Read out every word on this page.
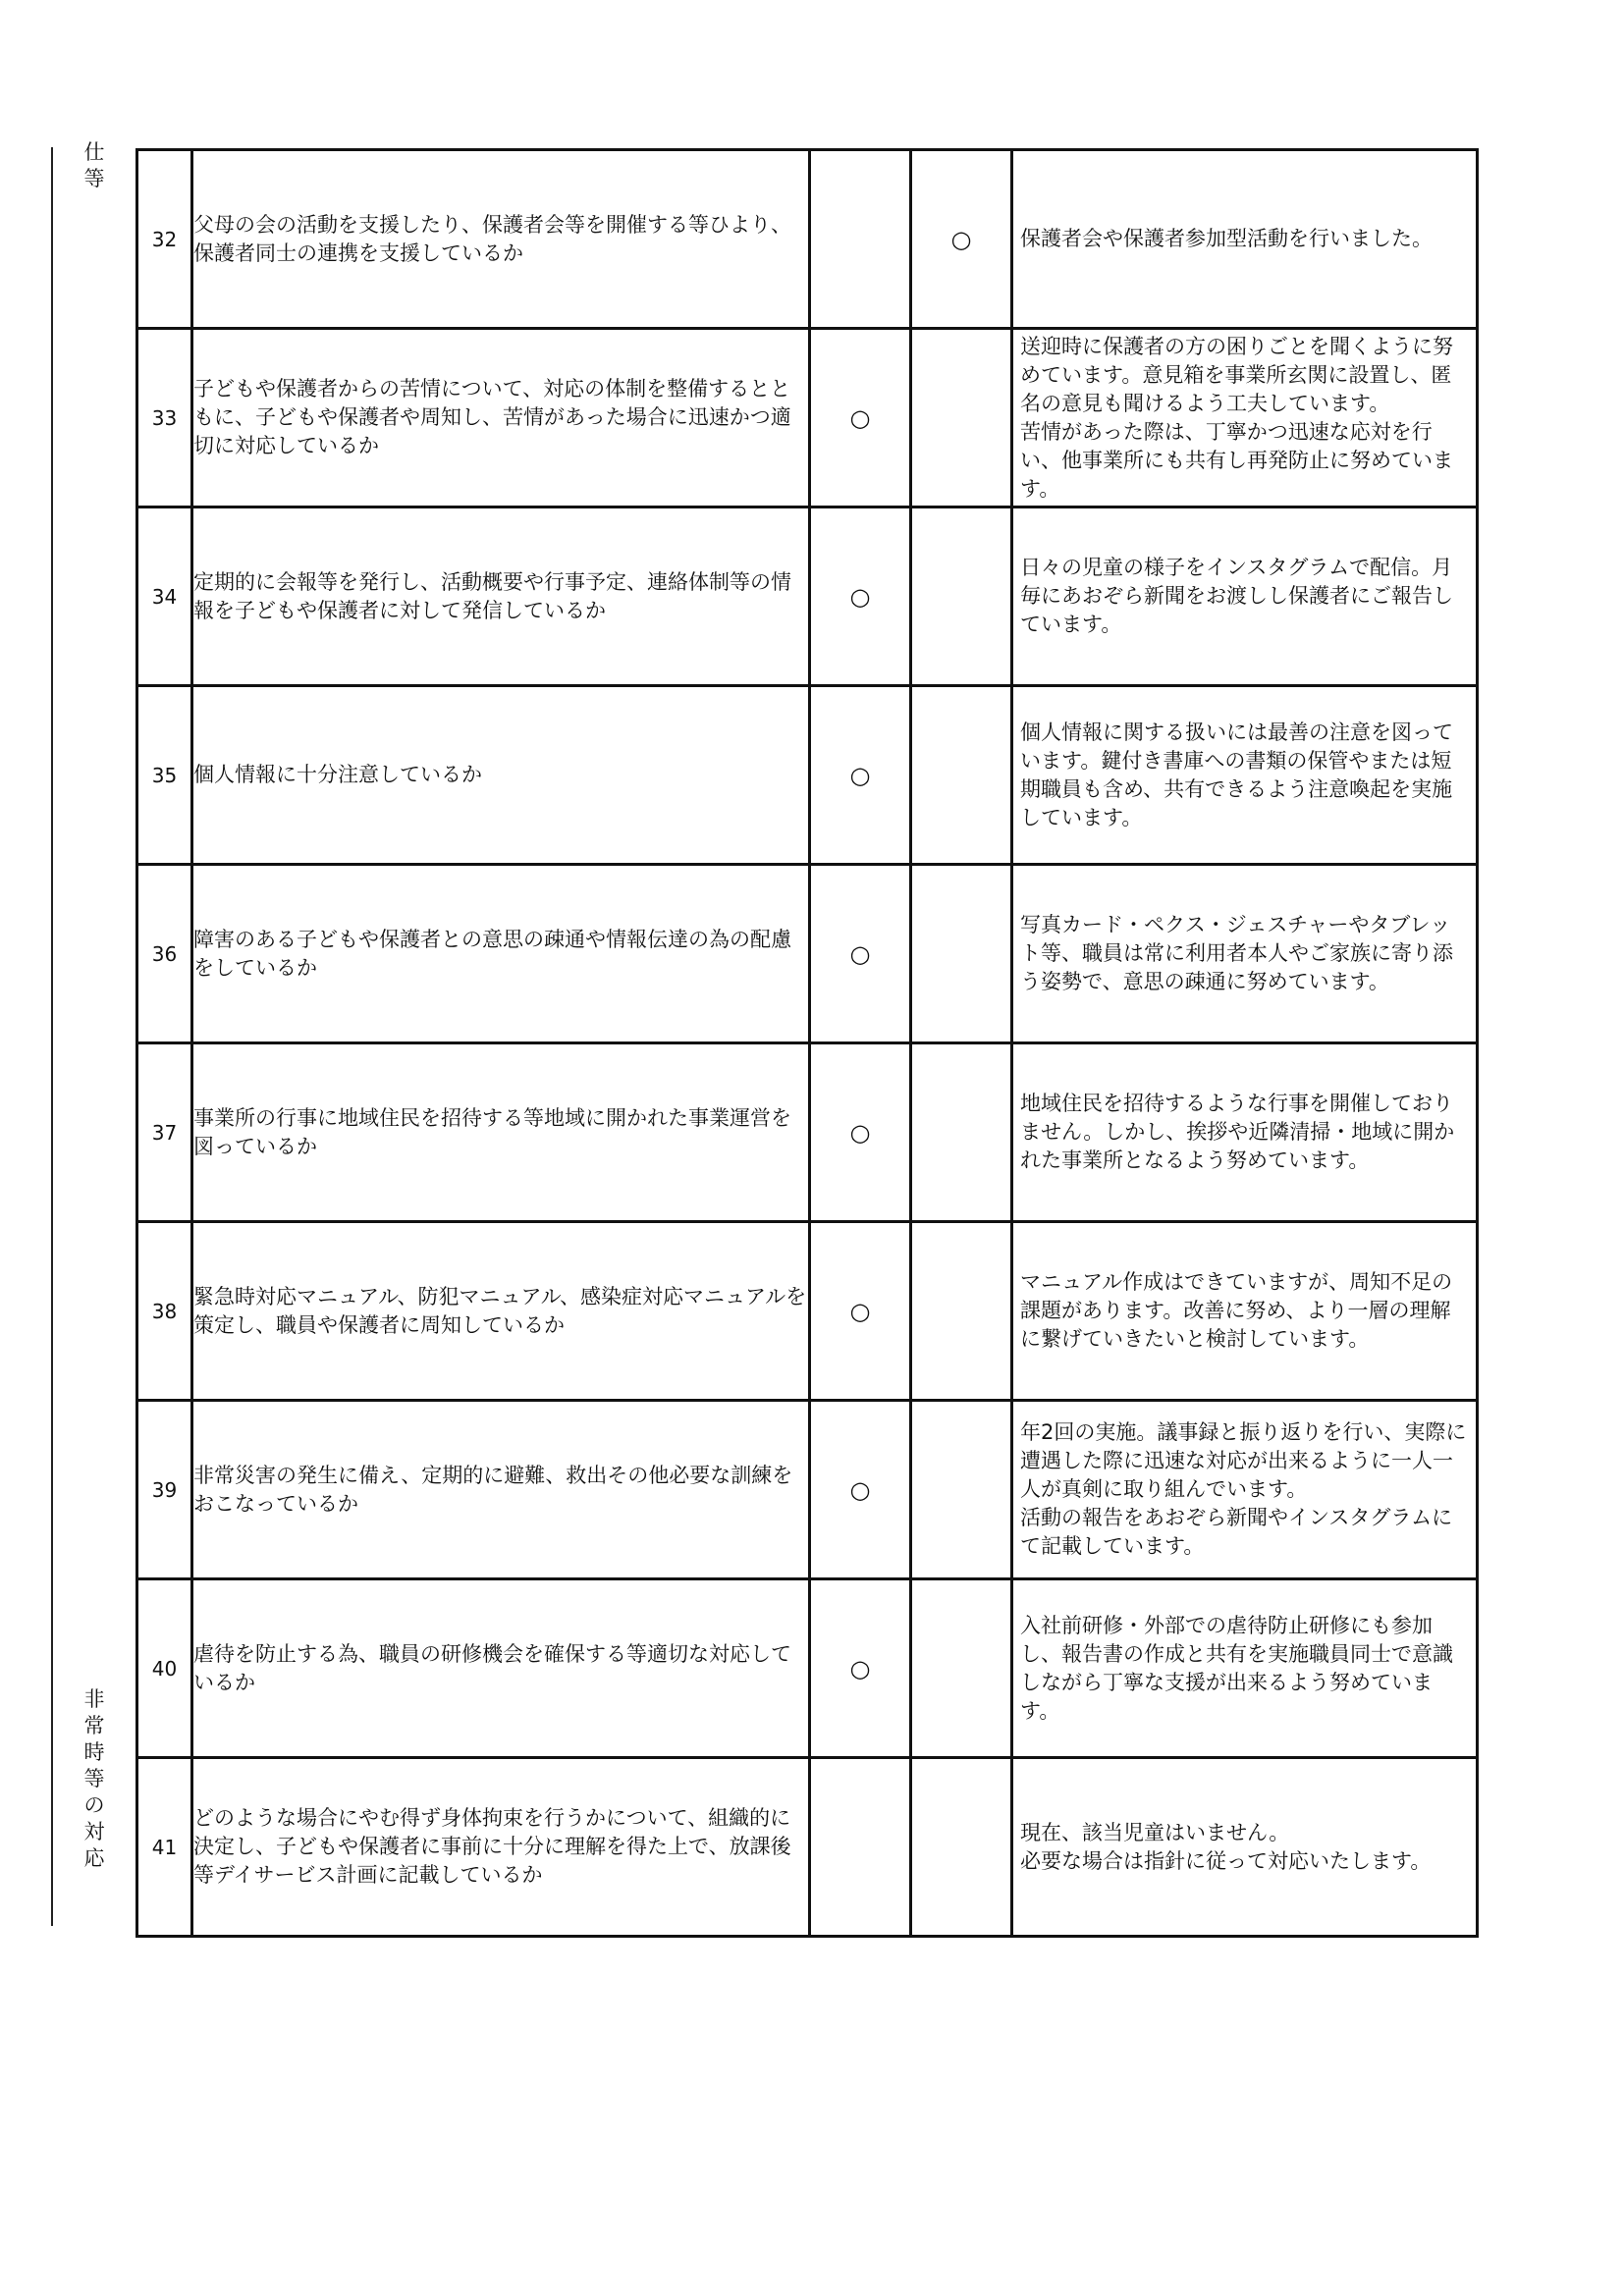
仕
等
非
常
時
等
の
対
応
32	父母の会の活動を支援したり、保護者会等を開催する等ひより、保護者同士の連携を支援しているか		○	保護者会や保護者参加型活動を行いました。

33	子どもや保護者からの苦情について、対応の体制を整備するとともに、子どもや保護者や周知し、苦情があった場合に迅速かつ適切に対応しているか	○		送迎時に保護者の方の困りごとを聞くように努めています。意見箱を事業所玄関に設置し、匿名の意見も聞けるよう工夫しています。
苦情があった際は、丁寧かつ迅速な応対を行い、他事業所にも共有し再発防止に努めています。

34	定期的に会報等を発行し、活動概要や行事予定、連絡体制等の情報を子どもや保護者に対して発信しているか	○		日々の児童の様子をインスタグラムで配信。月毎にあおぞら新聞をお渡しし保護者にご報告しています。

35	個人情報に十分注意しているか	○		個人情報に関する扱いには最善の注意を図っています。鍵付き書庫への書類の保管やまたは短期職員も含め、共有できるよう注意喚起を実施しています。

36	障害のある子どもや保護者との意思の疎通や情報伝達の為の配慮をしているか	○		写真カード・ペクス・ジェスチャーやタブレット等、職員は常に利用者本人やご家族に寄り添う姿勢で、意思の疎通に努めています。

37	事業所の行事に地域住民を招待する等地域に開かれた事業運営を図っているか	○		地域住民を招待するような行事を開催しておりません。しかし、挨拶や近隣清掃・地域に開かれた事業所となるよう努めています。

38	緊急時対応マニュアル、防犯マニュアル、感染症対応マニュアルを策定し、職員や保護者に周知しているか	○		マニュアル作成はできていますが、周知不足の課題があります。改善に努め、より一層の理解に繋げていきたいと検討しています。

39	非常災害の発生に備え、定期的に避難、救出その他必要な訓練をおこなっているか	○		年2回の実施。議事録と振り返りを行い、実際に遭遇した際に迅速な対応が出来るように一人一人が真剣に取り組んでいます。
活動の報告をあおぞら新聞やインスタグラムにて記載しています。

40	虐待を防止する為、職員の研修機会を確保する等適切な対応しているか	○		入社前研修・外部での虐待防止研修にも参加し、報告書の作成と共有を実施職員同士で意識しながら丁寧な支援が出来るよう努めています。

41	どのような場合にやむ得ず身体拘束を行うかについて、組織的に決定し、子どもや保護者に事前に十分に理解を得た上で、放課後等デイサービス計画に記載しているか			現在、該当児童はいません。
必要な場合は指針に従って対応いたします。
